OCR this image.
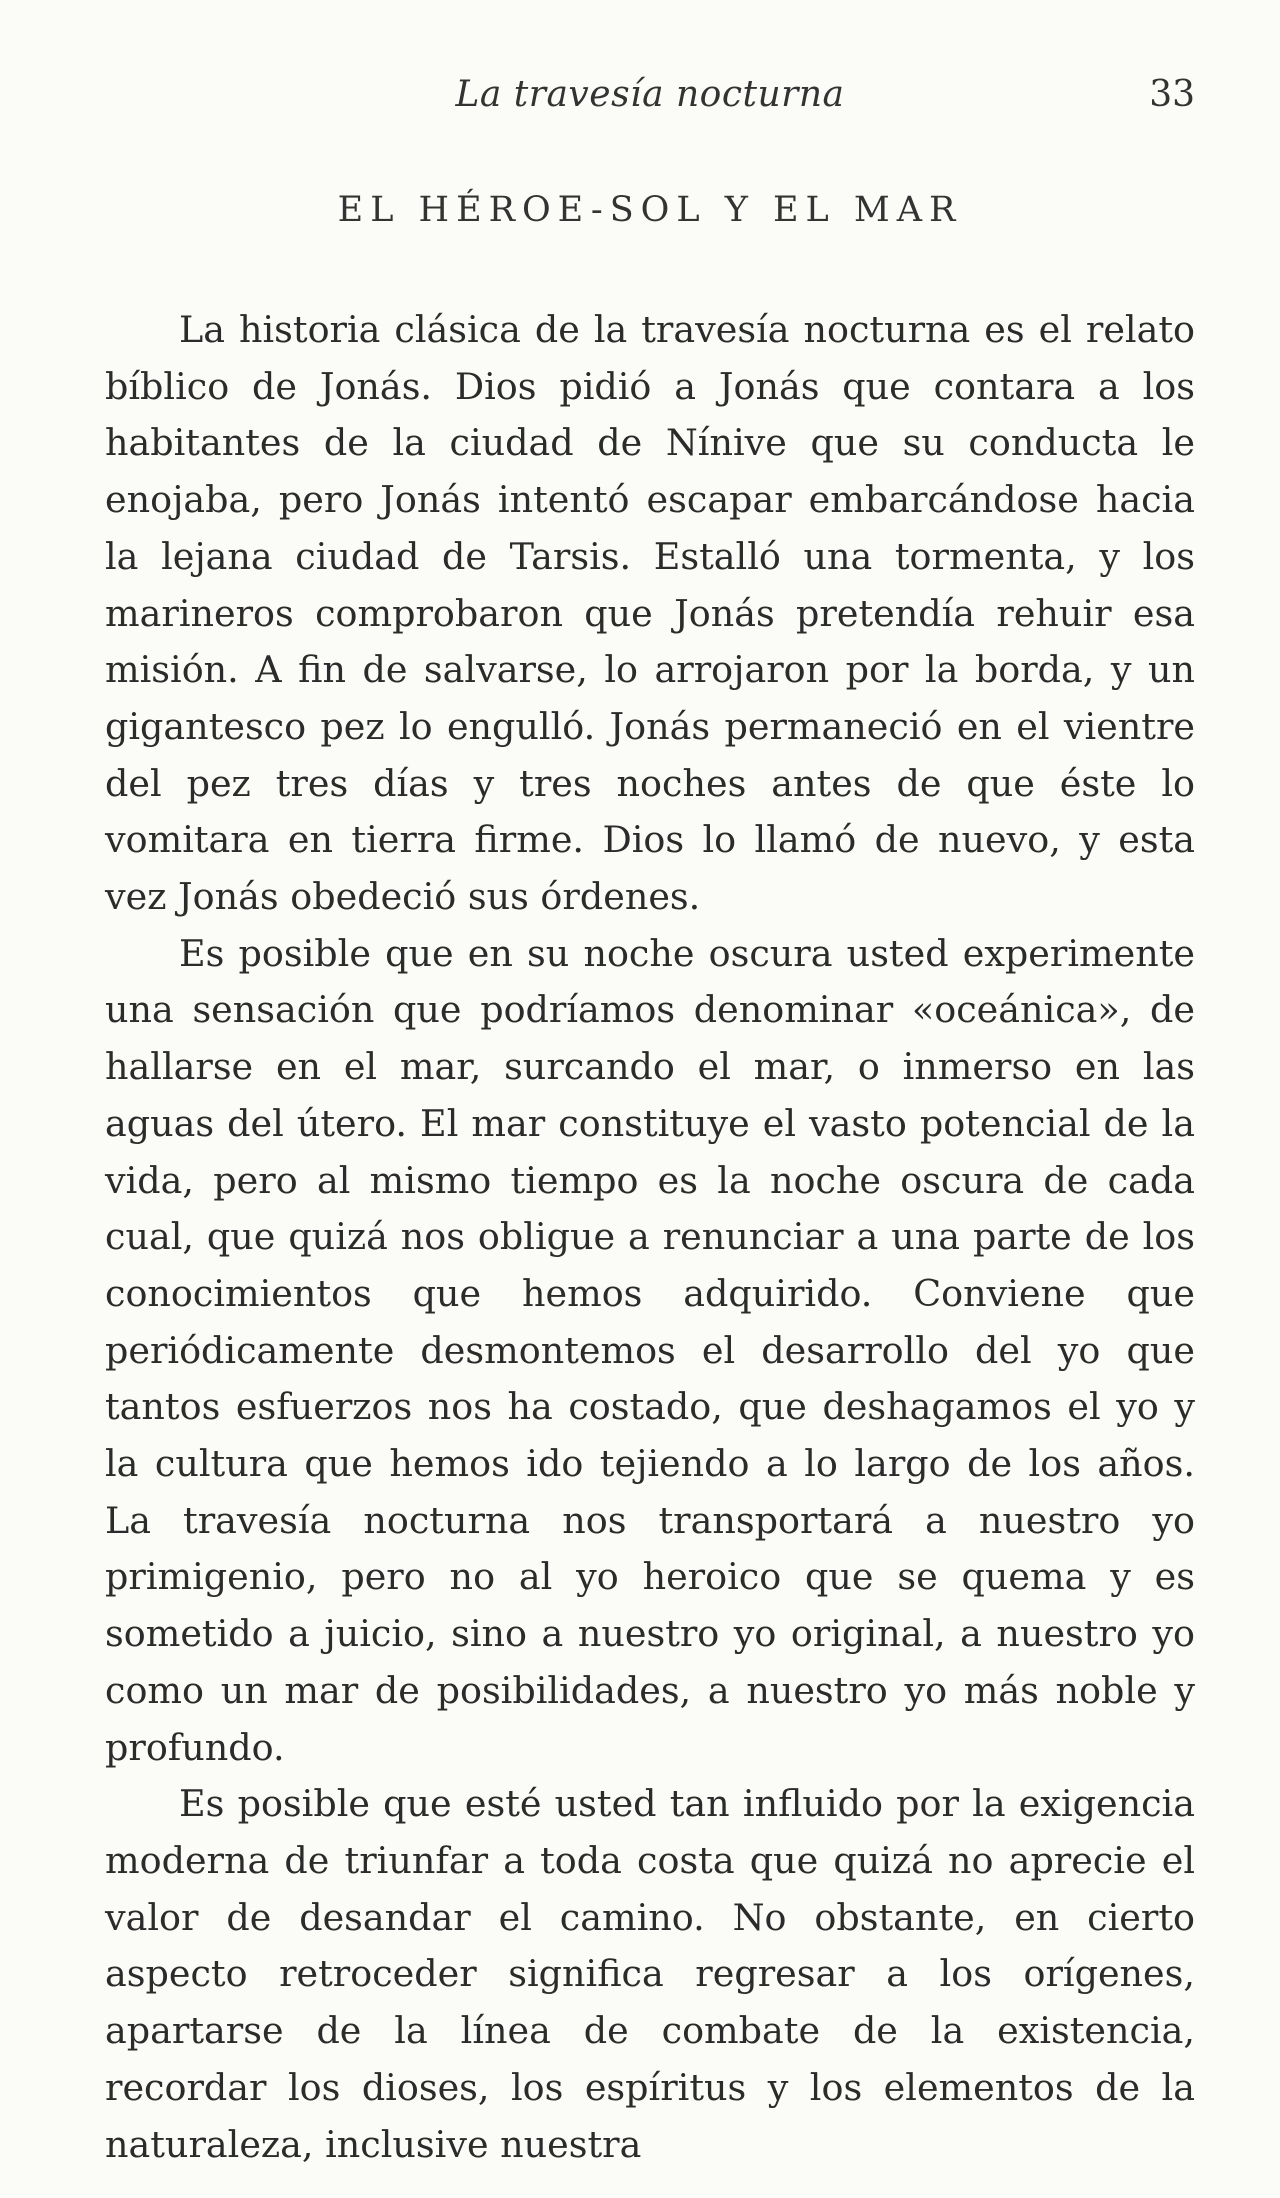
La travesía nocturna	33
EL HÉROE-SOL Y EL MAR

La historia clásica de la travesía nocturna es el relato bíblico de Jonás. Dios pidió a Jonás que contara a los habitantes de la ciudad de Nínive que su conducta le enojaba, pero Jonás intentó escapar embarcándose hacia la lejana ciudad de Tarsis. Estalló una tormenta, y los marineros comprobaron que Jonás pretendía rehuir esa misión. A fin de salvarse, lo arrojaron por la borda, y un gigantesco pez lo engulló. Jonás permaneció en el vientre del pez tres días y tres noches antes de que éste lo vomitara en tierra firme. Dios lo llamó de nuevo, y esta vez Jonás obedeció sus órdenes.

Es posible que en su noche oscura usted experimente una sensación que podríamos denominar «oceánica», de hallarse en el mar, surcando el mar, o inmerso en las aguas del útero. El mar constituye el vasto potencial de la vida, pero al mismo tiempo es la noche oscura de cada cual, que quizá nos obligue a renunciar a una parte de los conocimientos que hemos adquirido. Conviene que periódicamente desmontemos el desarrollo del yo que tantos esfuerzos nos ha costado, que deshagamos el yo y la cultura que hemos ido tejiendo a lo largo de los años. La travesía nocturna nos transportará a nuestro yo primigenio, pero no al yo heroico que se quema y es sometido a juicio, sino a nuestro yo original, a nuestro yo como un mar de posibilidades, a nuestro yo más noble y profundo.

Es posible que esté usted tan influido por la exigencia moderna de triunfar a toda costa que quizá no aprecie el valor de desandar el camino. No obstante, en cierto aspecto retroceder significa regresar a los orígenes, apartarse de la línea de combate de la existencia, recordar los dioses, los espíritus y los elementos de la naturaleza, inclusive nuestra
